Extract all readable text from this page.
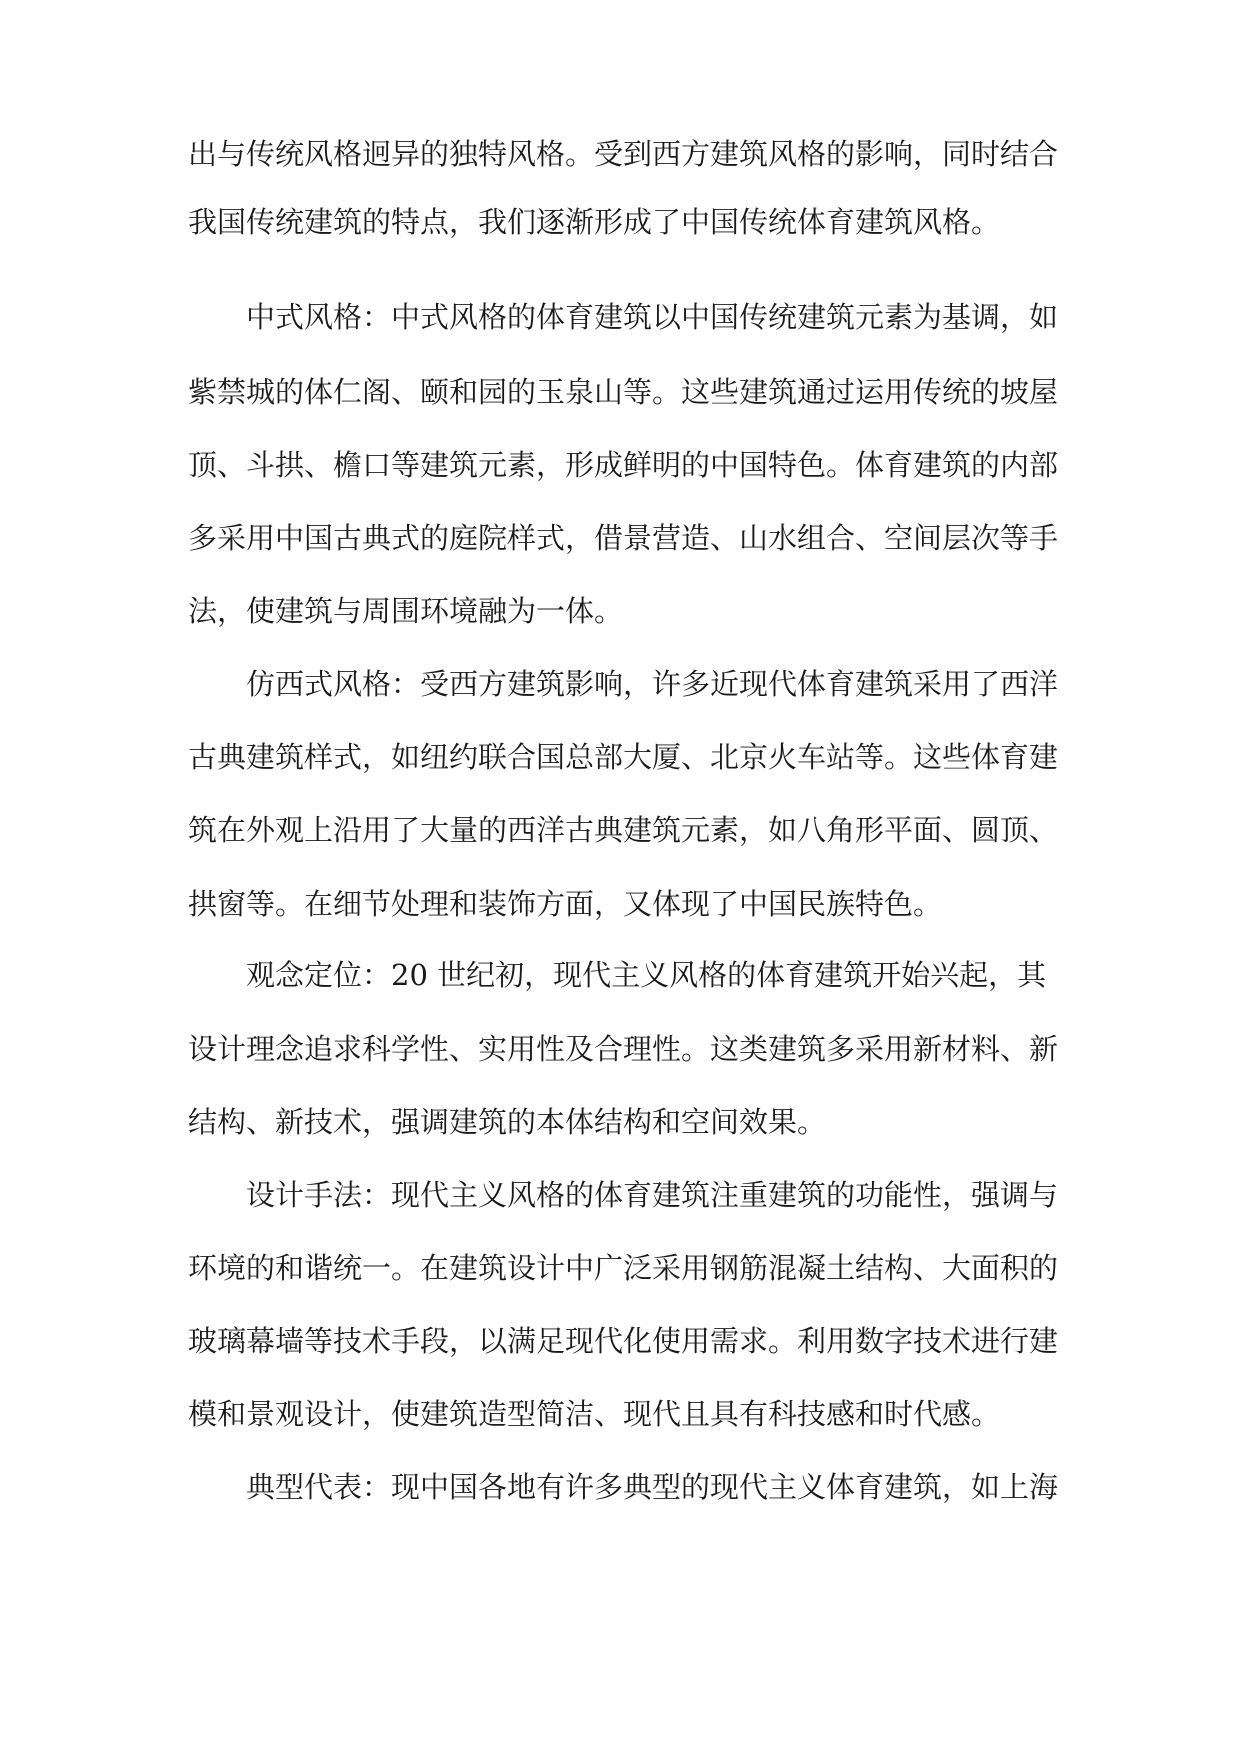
出与传统风格迥异的独特风格。受到西方建筑风格的影响，同时结合
我国传统建筑的特点，我们逐渐形成了中国传统体育建筑风格。
中式风格：中式风格的体育建筑以中国传统建筑元素为基调，如
紫禁城的体仁阁、颐和园的玉泉山等。这些建筑通过运用传统的坡屋
顶、斗拱、檐口等建筑元素，形成鲜明的中国特色。体育建筑的内部
多采用中国古典式的庭院样式，借景营造、山水组合、空间层次等手
法，使建筑与周围环境融为一体。
仿西式风格：受西方建筑影响，许多近现代体育建筑采用了西洋
古典建筑样式，如纽约联合国总部大厦、北京火车站等。这些体育建
筑在外观上沿用了大量的西洋古典建筑元素，如八角形平面、圆顶、
拱窗等。在细节处理和装饰方面，又体现了中国民族特色。
观念定位：20 世纪初，现代主义风格的体育建筑开始兴起，其
设计理念追求科学性、实用性及合理性。这类建筑多采用新材料、新
结构、新技术，强调建筑的本体结构和空间效果。
设计手法：现代主义风格的体育建筑注重建筑的功能性，强调与
环境的和谐统一。在建筑设计中广泛采用钢筋混凝土结构、大面积的
玻璃幕墙等技术手段，以满足现代化使用需求。利用数字技术进行建
模和景观设计，使建筑造型简洁、现代且具有科技感和时代感。
典型代表：现中国各地有许多典型的现代主义体育建筑，如上海
